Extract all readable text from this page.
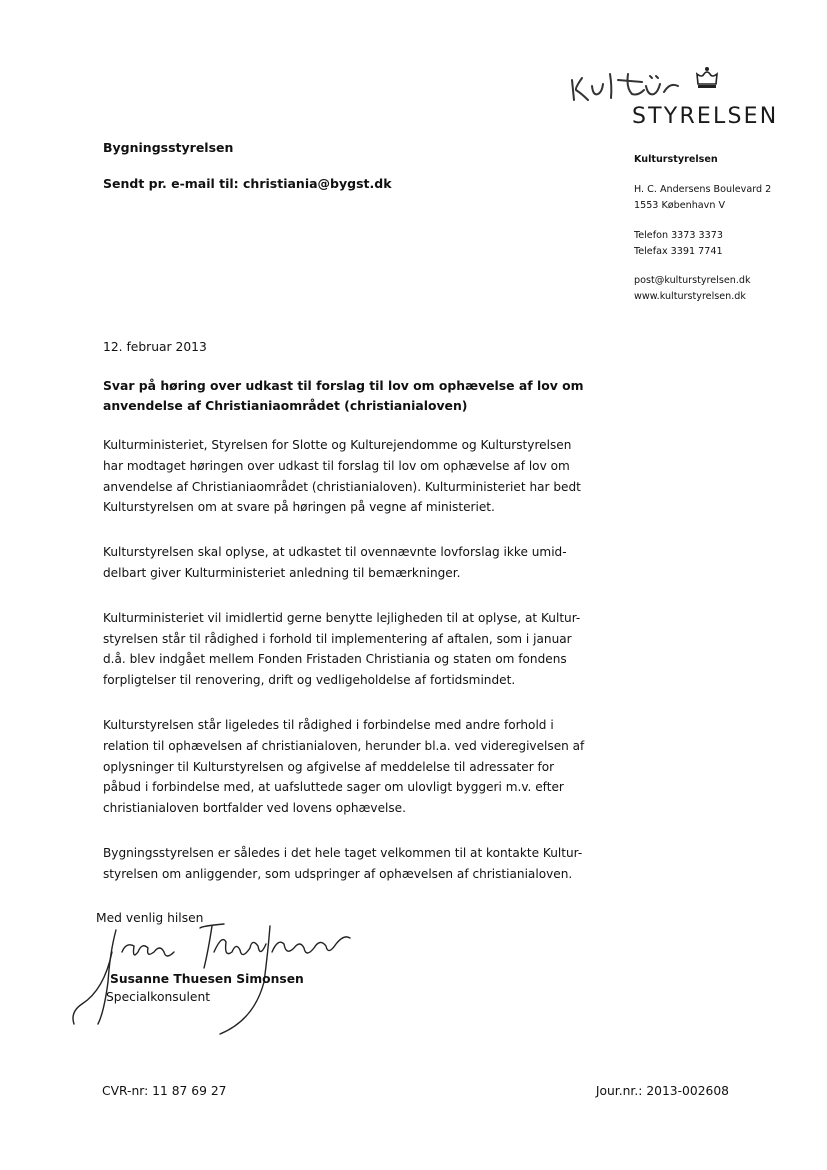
STYRELSEN
Bygningsstyrelsen
Sendt pr. e-mail til: christiania@bygst.dk
Kulturstyrelsen
H. C. Andersens Boulevard 2
1553 København V
Telefon 3373 3373
Telefax 3391 7741
post@kulturstyrelsen.dk
www.kulturstyrelsen.dk
12. februar 2013
Svar på høring over udkast til forslag til lov om ophævelse af lov om
anvendelse af Christianiaområdet (christianialoven)

Kulturministeriet, Styrelsen for Slotte og Kulturejendomme og Kulturstyrelsen
har modtaget høringen over udkast til forslag til lov om ophævelse af lov om
anvendelse af Christianiaområdet (christianialoven). Kulturministeriet har bedt
Kulturstyrelsen om at svare på høringen på vegne af ministeriet.

Kulturstyrelsen skal oplyse, at udkastet til ovennævnte lovforslag ikke umid-
delbart giver Kulturministeriet anledning til bemærkninger.

Kulturministeriet vil imidlertid gerne benytte lejligheden til at oplyse, at Kultur-
styrelsen står til rådighed i forhold til implementering af aftalen, som i januar
d.å. blev indgået mellem Fonden Fristaden Christiania og staten om fondens
forpligtelser til renovering, drift og vedligeholdelse af fortidsmindet.

Kulturstyrelsen står ligeledes til rådighed i forbindelse med andre forhold i
relation til ophævelsen af christianialoven, herunder bl.a. ved videregivelsen af
oplysninger til Kulturstyrelsen og afgivelse af meddelelse til adressater for
påbud i forbindelse med, at uafsluttede sager om ulovligt byggeri m.v. efter
christianialoven bortfalder ved lovens ophævelse.

Bygningsstyrelsen er således i det hele taget velkommen til at kontakte Kultur-
styrelsen om anliggender, som udspringer af ophævelsen af christianialoven.

Med venlig hilsen
Susanne Thuesen Simonsen
Specialkonsulent
CVR-nr: 11 87 69 27	Jour.nr.: 2013-002608
